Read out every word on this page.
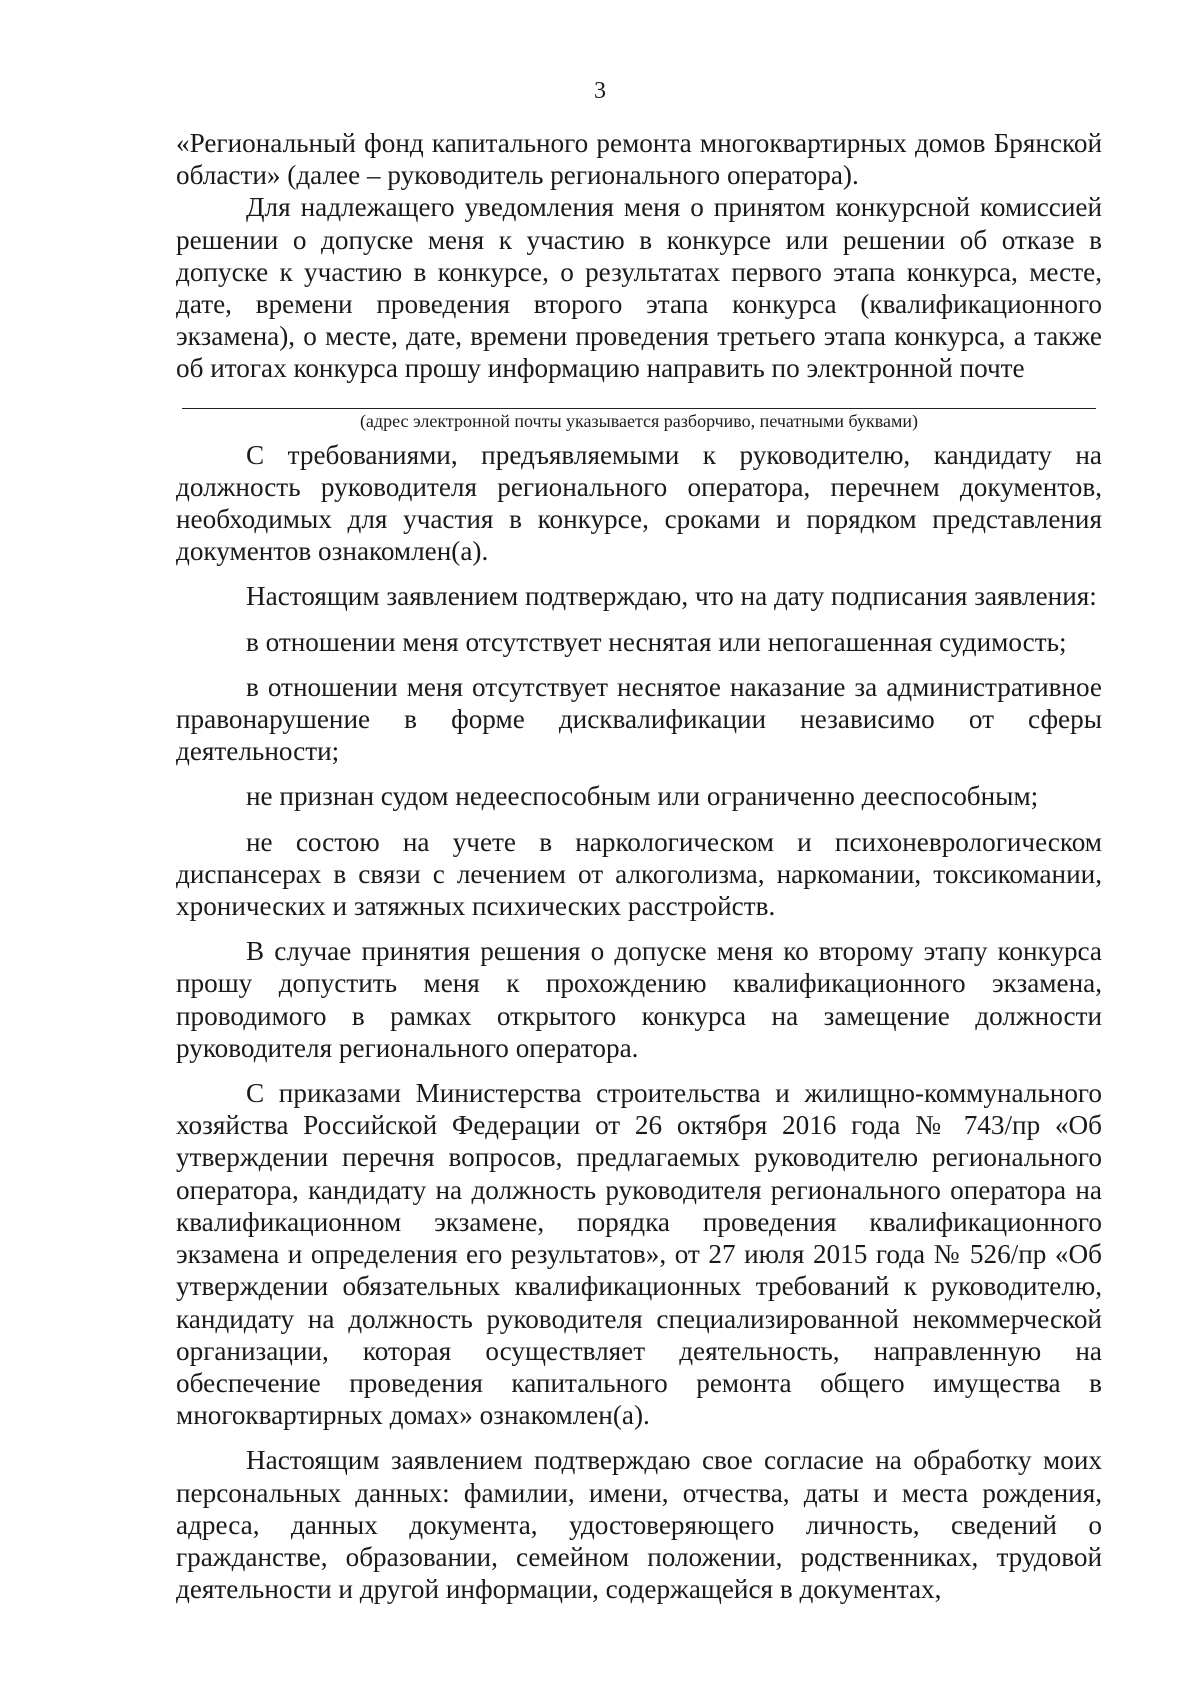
3

«Региональный фонд капитального ремонта многоквартирных домов Брянской области» (далее – руководитель регионального оператора).

Для надлежащего уведомления меня о принятом конкурсной комиссией решении о допуске меня к участию в конкурсе или решении об отказе в допуске к участию в конкурсе, о результатах первого этапа конкурса, месте, дате, времени проведения второго этапа конкурса (квалификационного экзамена), о месте, дате, времени проведения третьего этапа конкурса, а также об итогах конкурса прошу информацию направить по электронной почте

(адрес электронной почты указывается разборчиво, печатными буквами)

С требованиями, предъявляемыми к руководителю, кандидату на должность руководителя регионального оператора, перечнем документов, необходимых для участия в конкурсе, сроками и порядком представления документов ознакомлен(а).

Настоящим заявлением подтверждаю, что на дату подписания заявления:

в отношении меня отсутствует неснятая или непогашенная судимость;

в отношении меня отсутствует неснятое наказание за административное правонарушение в форме дисквалификации независимо от сферы деятельности;

не признан судом недееспособным или ограниченно дееспособным;

не состою на учете в наркологическом и психоневрологическом диспансерах в связи с лечением от алкоголизма, наркомании, токсикомании, хронических и затяжных психических расстройств.

В случае принятия решения о допуске меня ко второму этапу конкурса прошу допустить меня к прохождению квалификационного экзамена, проводимого в рамках открытого конкурса на замещение должности руководителя регионального оператора.

С приказами Министерства строительства и жилищно-коммунального хозяйства Российской Федерации от 26 октября 2016 года № 743/пр «Об утверждении перечня вопросов, предлагаемых руководителю регионального оператора, кандидату на должность руководителя регионального оператора на квалификационном экзамене, порядка проведения квалификационного экзамена и определения его результатов», от 27 июля 2015 года № 526/пр «Об утверждении обязательных квалификационных требований к руководителю, кандидату на должность руководителя специализированной некоммерческой организации, которая осуществляет деятельность, направленную на обеспечение проведения капитального ремонта общего имущества в многоквартирных домах» ознакомлен(а).

Настоящим заявлением подтверждаю свое согласие на обработку моих персональных данных: фамилии, имени, отчества, даты и места рождения, адреса, данных документа, удостоверяющего личность, сведений о гражданстве, образовании, семейном положении, родственниках, трудовой деятельности и другой информации, содержащейся в документах,
